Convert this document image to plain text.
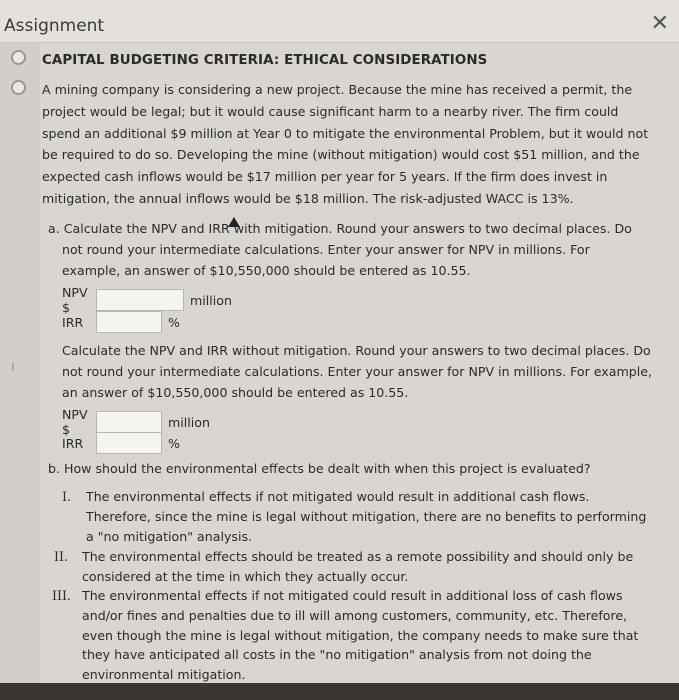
Assignment	✕
CAPITAL BUDGETING CRITERIA: ETHICAL CONSIDERATIONS
A mining company is considering a new project. Because the mine has received a permit, the project would be legal; but it would cause significant harm to a nearby river. The firm could spend an additional $9 million at Year 0 to mitigate the environmental Problem, but it would not be required to do so. Developing the mine (without mitigation) would cost $51 million, and the expected cash inflows would be $17 million per year for 5 years. If the firm does invest in mitigation, the annual inflows would be $18 million. The risk-adjusted WACC is 13%.
a. Calculate the NPV and IRR with mitigation. Round your answers to two decimal places. Do
not round your intermediate calculations. Enter your answer for NPV in millions. For example, an answer of $10,550,000 should be entered as 10.55.
NPV $	million
IRR	%
Calculate the NPV and IRR without mitigation. Round your answers to two decimal places. Do not round your intermediate calculations. Enter your answer for NPV in millions. For example, an answer of $10,550,000 should be entered as 10.55.
NPV $	million
IRR	%
b. How should the environmental effects be dealt with when this project is evaluated?
I. The environmental effects if not mitigated would result in additional cash flows. Therefore, since the mine is legal without mitigation, there are no benefits to performing a "no mitigation" analysis.
II. The environmental effects should be treated as a remote possibility and should only be considered at the time in which they actually occur.
III. The environmental effects if not mitigated could result in additional loss of cash flows and/or fines and penalties due to ill will among customers, community, etc. Therefore, even though the mine is legal without mitigation, the company needs to make sure that they have anticipated all costs in the "no mitigation" analysis from not doing the environmental mitigation.
